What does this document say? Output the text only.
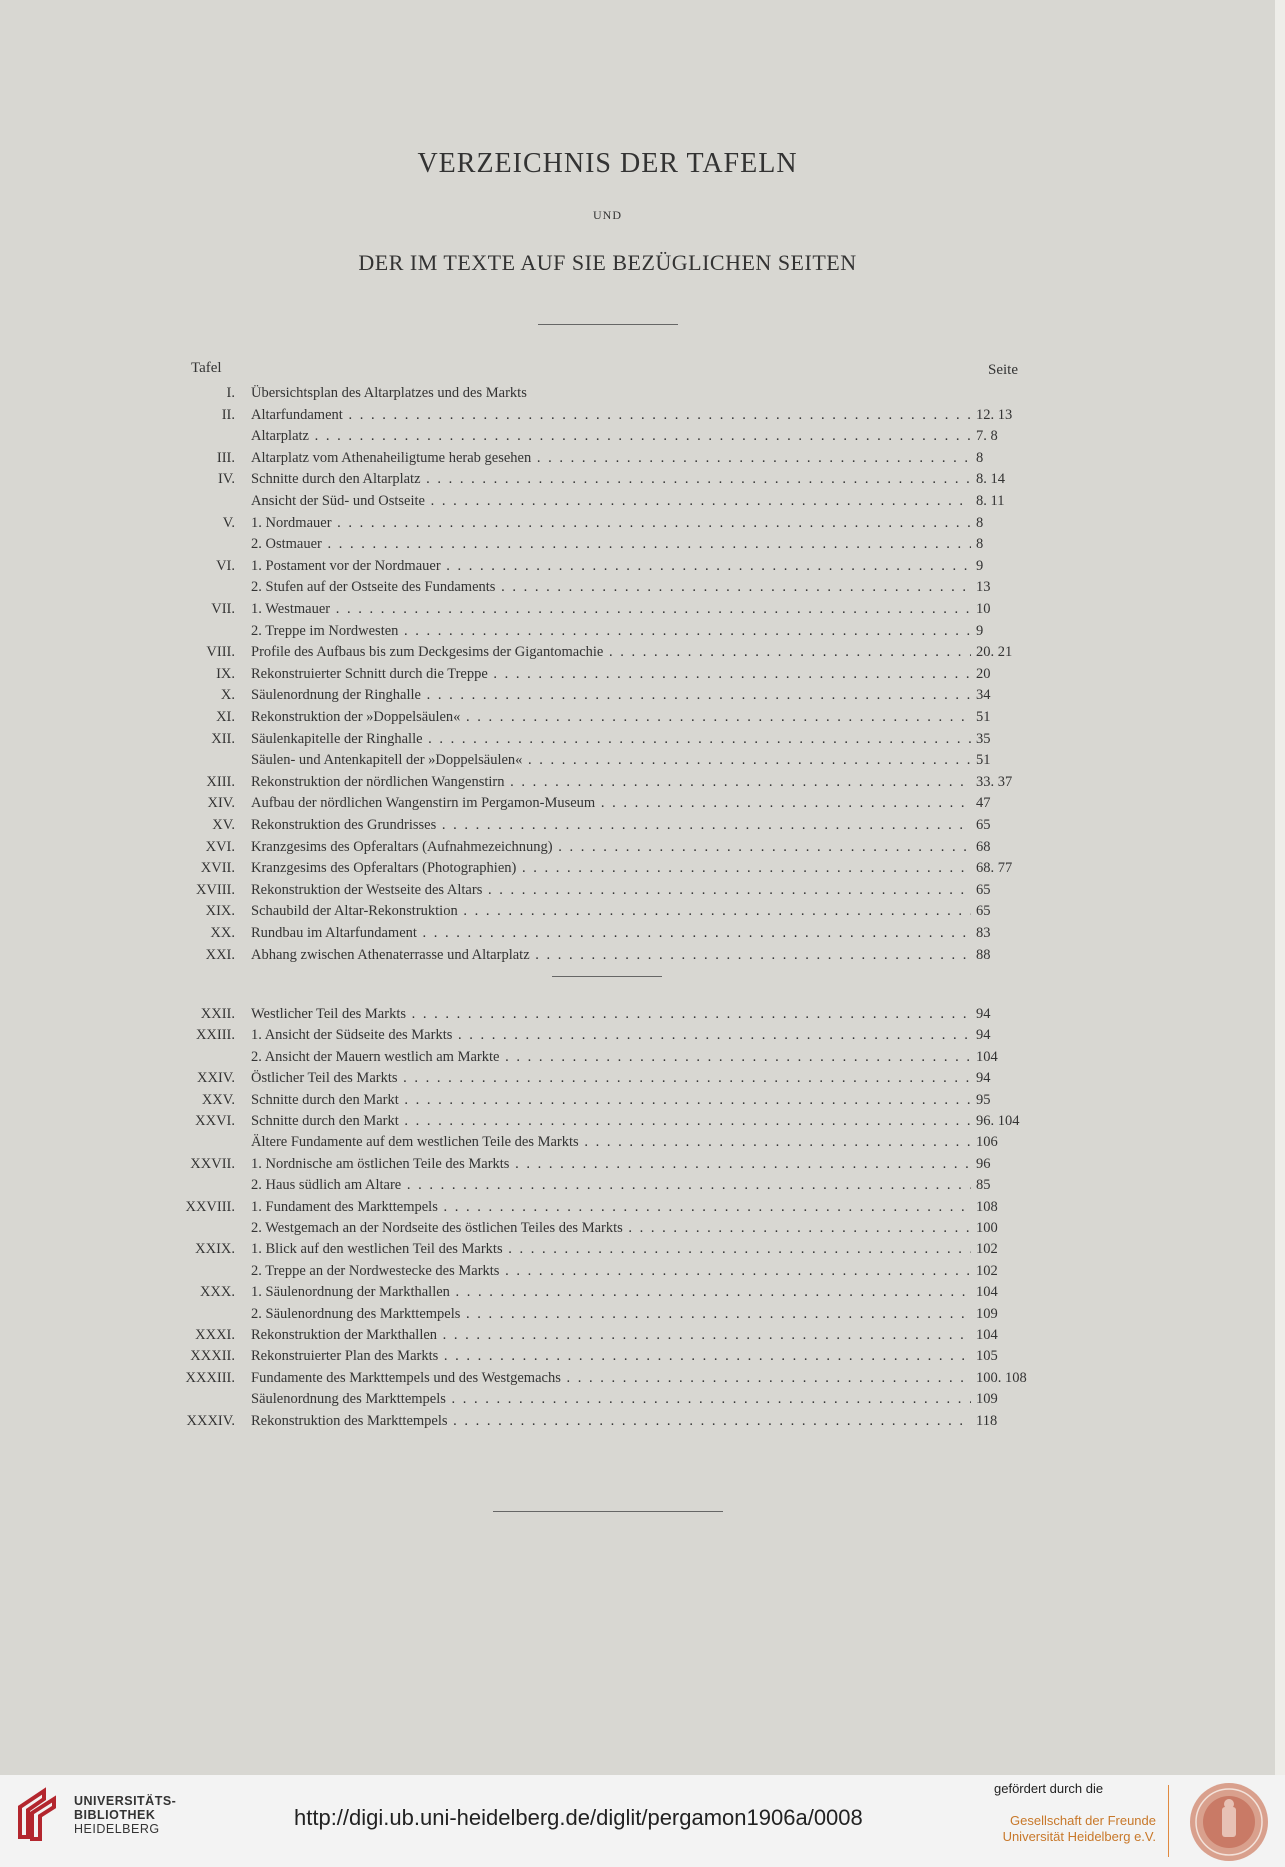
VERZEICHNIS DER TAFELN
UND
DER IM TEXTE AUF SIE BEZÜGLICHEN SEITEN
Tafel	Seite
I. Übersichtsplan des Altarplatzes und des Markts
II. Altarfundament . . .	12. 13
Altarplatz . . .	7. 8
III. Altarplatz vom Athenaheiligtume herab gesehen . . .	8
IV. Schnitte durch den Altarplatz . . .	8. 14
Ansicht der Süd- und Ostseite . . .	8. 11
V. 1. Nordmauer . . .	8
2. Ostmauer . . .	8
VI. 1. Postament vor der Nordmauer . . .	9
2. Stufen auf der Ostseite des Fundaments . . .	13
VII. 1. Westmauer . . .	10
2. Treppe im Nordwesten . . .	9
VIII. Profile des Aufbaus bis zum Deckgesims der Gigantomachie . . .	20. 21
IX. Rekonstruierter Schnitt durch die Treppe . . .	20
X. Säulenordnung der Ringhalle . . .	34
XI. Rekonstruktion der »Doppelsäulen« . . .	51
XII. Säulenkapitelle der Ringhalle . . .	35
Säulen- und Antenkapitell der »Doppelsäulen« . . .	51
XIII. Rekonstruktion der nördlichen Wangenstirn . . .	33. 37
XIV. Aufbau der nördlichen Wangenstirn im Pergamon-Museum . . .	47
XV. Rekonstruktion des Grundrisses . . .	65
XVI. Kranzgesims des Opferaltars (Aufnahmezeichnung) . . .	68
XVII. Kranzgesims des Opferaltars (Photographien) . . .	68. 77
XVIII. Rekonstruktion der Westseite des Altars . . .	65
XIX. Schaubild der Altar-Rekonstruktion . . .	65
XX. Rundbau im Altarfundament . . .	83
XXI. Abhang zwischen Athenaterrasse und Altarplatz . . .	88
XXII. Westlicher Teil des Markts . . .	94
XXIII. 1. Ansicht der Südseite des Markts . . .	94
2. Ansicht der Mauern westlich am Markte . . .	104
XXIV. Östlicher Teil des Markts . . .	94
XXV. Schnitte durch den Markt . . .	95
XXVI. Schnitte durch den Markt . . .	96. 104
Ältere Fundamente auf dem westlichen Teile des Markts . . .	106
XXVII. 1. Nordnische am östlichen Teile des Markts . . .	96
2. Haus südlich am Altare . . .	85
XXVIII. 1. Fundament des Markttempels . . .	108
2. Westgemach an der Nordseite des östlichen Teiles des Markts . . .	100
XXIX. 1. Blick auf den westlichen Teil des Markts . . .	102
2. Treppe an der Nordwestecke des Markts . . .	102
XXX. 1. Säulenordnung der Markthallen . . .	104
2. Säulenordnung des Markttempels . . .	109
XXXI. Rekonstruktion der Markthallen . . .	104
XXXII. Rekonstruierter Plan des Markts . . .	105
XXXIII. Fundamente des Markttempels und des Westgemachs . . .	100. 108
Säulenordnung des Markttempels . . .	109
XXXIV. Rekonstruktion des Markttempels . . .	118
UNIVERSITÄTS-
BIBLIOTHEK
HEIDELBERG	http://digi.ub.uni-heidelberg.de/diglit/pergamon1906a/0008
gefördert durch die
Gesellschaft der Freunde
Universität Heidelberg e.V.
